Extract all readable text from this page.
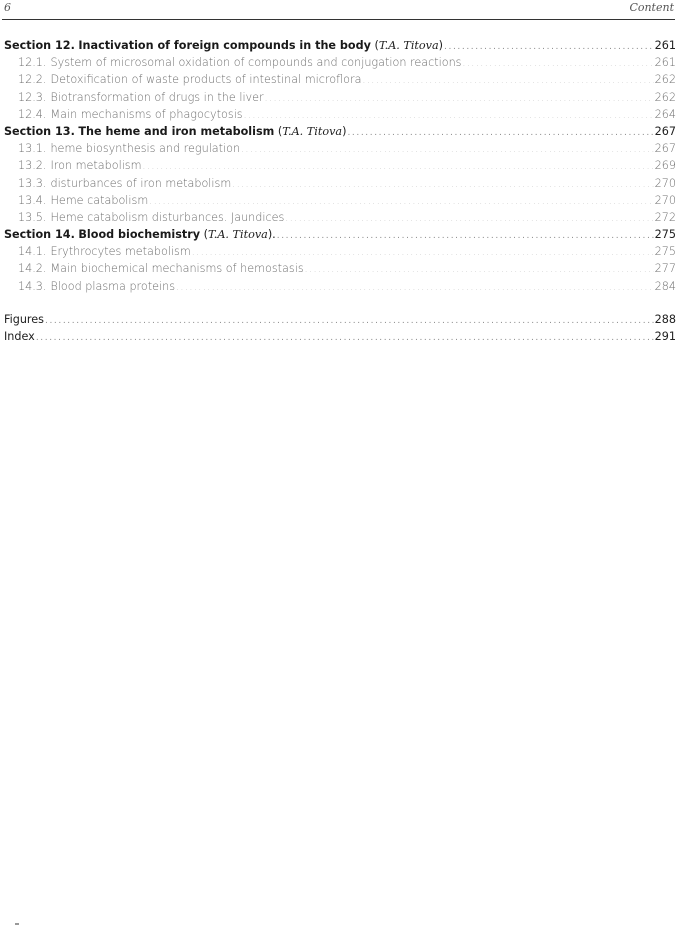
6	Content
Section 12. Inactivation of foreign compounds in the body (T.A. Titova) .....	261
12.1. System of microsomal oxidation of compounds and conjugation reactions .....	261
12.2. Detoxification of waste products of intestinal microflora .....	262
12.3. Biotransformation of drugs in the liver .....	262
12.4. Main mechanisms of phagocytosis .....	264
Section 13. The heme and iron metabolism (T.A. Titova) .....	267
13.1. heme biosynthesis and regulation .....	267
13.2. Iron metabolism .....	269
13.3. disturbances of iron metabolism .....	270
13.4. Heme catabolism .....	270
13.5. Heme catabolism disturbances. Jaundices .....	272
Section 14. Blood biochemistry (T.A. Titova). .....	275
14.1. Erythrocytes metabolism .....	275
14.2. Main biochemical mechanisms of hemostasis .....	277
14.3. Blood plasma proteins .....	284
Figures .....	288
Index .....	291
